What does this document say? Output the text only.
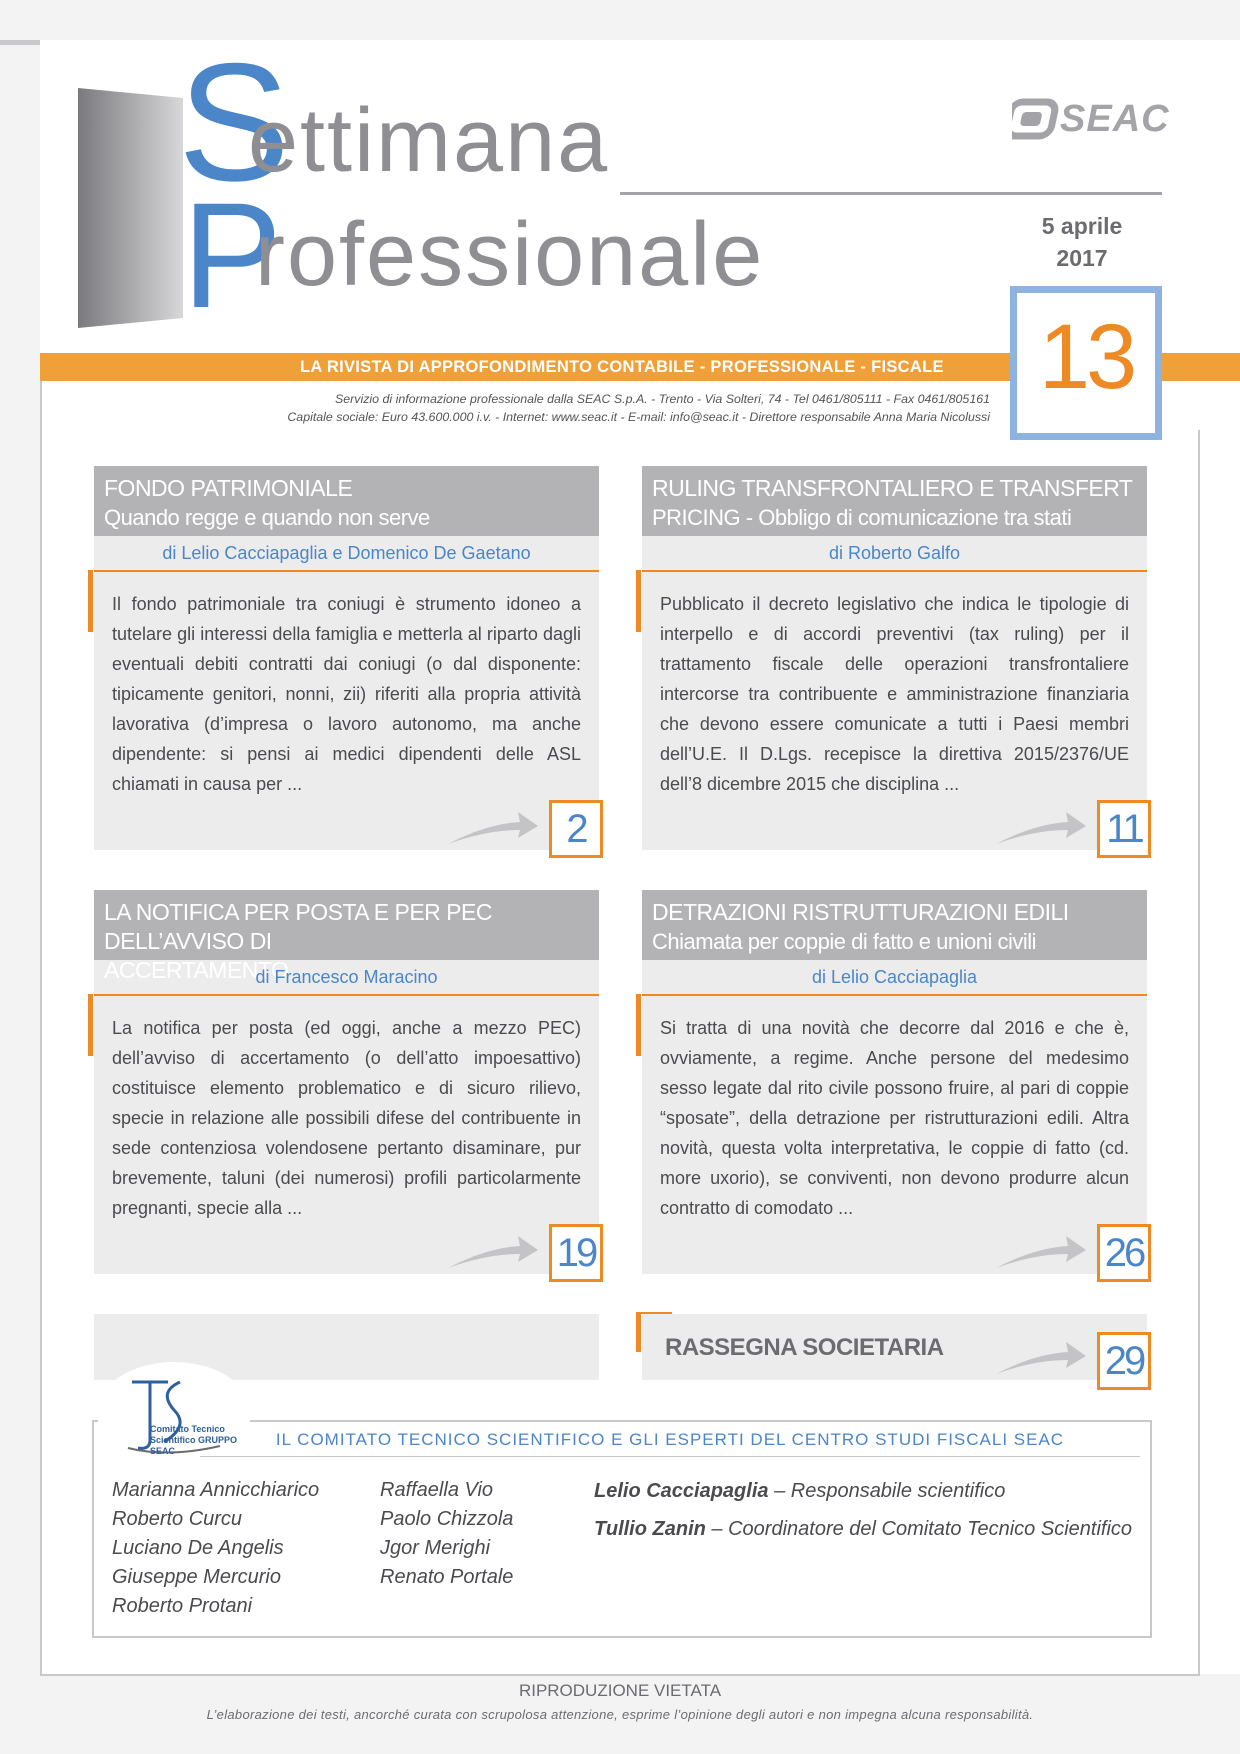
S
ettimana
P
rofessionale
SEAC
5 aprile 2017
LA RIVISTA DI APPROFONDIMENTO CONTABILE - PROFESSIONALE - FISCALE 13
Servizio di informazione professionale dalla SEAC S.p.A. - Trento - Via Solteri, 74 - Tel 0461/805111 - Fax 0461/805161
Capitale sociale: Euro 43.600.000 i.v. - Internet: www.seac.it - E-mail: info@seac.it - Direttore responsabile Anna Maria Nicolussi
FONDO PATRIMONIALE
Quando regge e quando non serve
di Lelio Cacciapaglia e Domenico De Gaetano
Il fondo patrimoniale tra coniugi è strumento idoneo a tutelare gli interessi della famiglia e metterla al riparto dagli eventuali debiti contratti dai coniugi (o dal disponente: tipicamente genitori, nonni, zii) riferiti alla propria attività lavorativa (d’impresa o lavoro autonomo, ma anche dipendente: si pensi ai medici dipendenti delle ASL chiamati in causa per ...
2
RULING TRANSFRONTALIERO E TRANSFERT
PRICING - Obbligo di comunicazione tra stati
di Roberto Galfo
Pubblicato il decreto legislativo che indica le tipologie di interpello e di accordi preventivi (tax ruling) per il trattamento fiscale delle operazioni transfrontaliere intercorse tra contribuente e amministrazione finanziaria che devono essere comunicate a tutti i Paesi membri dell’U.E. Il D.Lgs. recepisce la direttiva 2015/2376/UE dell’8 dicembre 2015 che disciplina ...
11
LA NOTIFICA PER POSTA E PER PEC DELL’AVVISO DI
ACCERTAMENTO
di Francesco Maracino
La notifica per posta (ed oggi, anche a mezzo PEC) dell’avviso di accertamento (o dell’atto impoesattivo) costituisce elemento problematico e di sicuro rilievo, specie in relazione alle possibili difese del contribuente in sede contenziosa volendosene pertanto disaminare, pur brevemente, taluni (dei numerosi) profili particolarmente pregnanti, specie alla ...
19
DETRAZIONI RISTRUTTURAZIONI EDILI
Chiamata per coppie di fatto e unioni civili
di Lelio Cacciapaglia
Si tratta di una novità che decorre dal 2016 e che è, ovviamente, a regime. Anche persone del medesimo sesso legate dal rito civile possono fruire, al pari di coppie “sposate”, della detrazione per ristrutturazioni edili. Altra novità, questa volta interpretativa, le coppie di fatto (cd. more uxorio), se conviventi, non devono produrre alcun contratto di comodato ...
26
RASSEGNA SOCIETARIA	29
Comitato Tecnico Scientifico GRUPPO SEAC
IL COMITATO TECNICO SCIENTIFICO E GLI ESPERTI DEL CENTRO STUDI FISCALI SEAC
Marianna Annicchiarico
Roberto Curcu
Luciano De Angelis
Giuseppe Mercurio
Roberto Protani
Raffaella Vio
Paolo Chizzola
Jgor Merighi
Renato Portale
Lelio Cacciapaglia – Responsabile scientifico
Tullio Zanin – Coordinatore del Comitato Tecnico Scientifico
RIPRODUZIONE VIETATA
L’elaborazione dei testi, ancorché curata con scrupolosa attenzione, esprime l’opinione degli autori e non impegna alcuna responsabilità.
